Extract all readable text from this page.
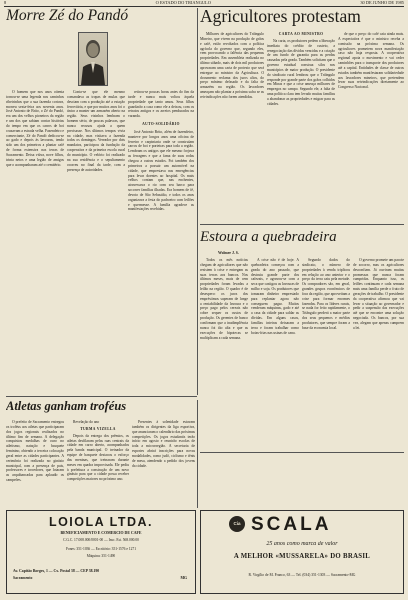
8	O ESTADO DO TRIANGULO	30 DE JUNHO DE 1985
Morre Zé do Pandó

O homem que nos anos oitenta tornou-se uma legenda nos caminhos ribeirinhos que a sua fazenda cortava, morreu sexta-feira aos noventa anos. José Antonio de Brito, o Zé do Pandó, era um dos velhos pioneiros da região e um dos que sabiam contar histórias do tempo em que os carros de boi cruzavam a estrada velha. Fazendeiro e comerciante, Zé do Pandó dedicou-se ao gado e depois às lavouras, tendo sido um dos primeiros a plantar café de forma extensiva nas terras de Sacramento. Deixa viúva, nove filhos, trinta netos e uma legião de amigos que o acompanharam até o cemitério.

Conta-se que ele mesmo comandava as tropas de mulas que desciam com a produção até a estação ferroviária, e que por muitos anos foi o único a manter um armazém aberto na região. Seus vizinhos lembram o homem sério, de poucas palavras, que nunca recusou ajuda a quem precisasse. Nos últimos tempos vivia na cidade, mas visitava a fazenda todos os domingos. Vereador por dois mandatos, participou da fundação da cooperativa e da primeira escola rural do município. O velório foi realizado na sua residência e o sepultamento ocorreu no final da tarde, com a presença de autoridades.

retirou-se poucas horas antes do fim da tarde e nunca mais voltou àquela propriedade que tanto amou. Seus filhos guardarão a casa como ele a deixou, com os retratos antigos e os arreios pendurados na varanda.

AUTO-SOLIDÁRIO

José Antonio Brito, além de fazendeiro, manteve por longos anos uma oficina de ferreiro e carpintaria onde se construíam carros de boi e porteiras para toda a região. Lembram os antigos que ele mesmo forjava as ferragens e que a fama de suas rodas chegou a outros estados. Foi também dos primeiros a possuir um automóvel na cidade, que emprestava nas emergências para levar doentes ao hospital. Os mais velhos contam que, nas enchentes, atravessava o rio com seu barco para socorrer famílias ilhadas. Era homem de fé, devoto de São Sebastião, e todos os anos organizava a festa do padroeiro com leilões e quermesse. A família agradece as manifestações recebidas.

Agricultores protestam

Milhares de agricultores do Triângulo Mineiro, que vivem na produção de grãos e café, estão revoltados com a política agrícola do governo que, segundo eles, vem provocando a falência das pequenas propriedades. Em assembleia realizada no último sábado, mais de dois mil produtores aprovaram uma carta de protesto que será entregue ao ministro da Agricultura. O documento reclama dos juros altos, do preço mínimo defasado e da falta de armazéns na região. Os lavradores ameaçam não plantar a próxima safra se as reivindicações não forem atendidas.

CARTA AO MINISTRO

Na carta, os produtores pedem a liberação imediata do crédito de custeio, a renegociação das dívidas vencidas e a criação de um fundo de garantia para as perdas causadas pela geada. Também solicitam que o governo estadual construa silos nos municípios de maior produção. O presidente do sindicato rural lembrou que o Triângulo responde por grande parte dos grãos colhidos em Minas e que a crise ameaça milhares de empregos no campo. Segundo ele, a falta de uma política clara tem levado muitas famílias a abandonar as propriedades e migrar para as cidades.

de que o preço do café caia ainda mais. A expectativa é que o ministro receba a comissão na próxima semana. Os agricultores prometem nova manifestação caso não haja resposta. A cooperativa regional apoia o movimento e vai ceder caminhões para o transporte dos produtores até a capital. Entidades de classe de outros estados também manifestaram solidariedade aos lavradores mineiros, que pretendem levar suas reivindicações diretamente ao Congresso Nacional.

Estoura a quebradeira
Wolmer J. S.

Todos os mês notícias chegam de agricultores que não resistem à crise e entregam as suas terras aos bancos. Nos últimos meses, mais de cem propriedades foram levadas a leilão na região. O quadro é de desespero: os juros dos empréstimos superam de longe a rentabilidade da lavoura e o preço pago pelos cereais não cobre sequer os custos de produção. Os gerentes de banco confirmam que a inadimplência nunca foi tão alta e que as execuções de hipotecas se multiplicam a cada semana.

A crise não é de hoje. A quebradeira começou com a geada do ano passado, que destruiu grande parte dos cafezais, e agravou-se com a seca que castigou as lavouras de milho e soja. Os produtores que tomaram dinheiro emprestado para replantar agora não conseguem pagar. Muitos venderam máquinas, gado e até a casa da cidade para saldar as dívidas. Em alguns casos, famílias inteiras deixaram a terra e foram trabalhar como boias-frias nas usinas de cana.

Segundo dados do sindicato, o número de propriedades à venda triplicou em relação ao ano anterior e o preço da terra caiu pela metade. Os compradores são, em geral, grandes grupos econômicos de fora da região, que aproveitam a crise para formar enormes fazendas. Para os líderes rurais, se nada for feito rapidamente, o Triângulo perderá a maior parte dos seus pequenos e médios produtores, que sempre foram a base da economia local.

O governo promete um pacote de socorro, mas os agricultores desconfiam. Já ouviram muitas promessas que nunca foram cumpridas. Enquanto isso, os leilões continuam e cada semana mais uma família perde o fruto de gerações de trabalho. O presidente da cooperativa afirmou que vai levar a situação ao governador e pedir a suspensão das execuções até que se encontre uma solução negociada. Os bancos, por sua vez, alegam que apenas cumprem a lei.

Atletas ganham troféus

O prefeito de Sacramento entregou os troféus aos atletas que participaram dos jogos regionais realizados no último fim de semana. A delegação conquistou medalhas de ouro no atletismo, natação e basquete feminino, obtendo a terceira colocação geral entre as cidades participantes. A cerimônia foi realizada no ginásio municipal, com a presença de pais, professores e torcedores, que lotaram as arquibancadas para aplaudir os campeões.

Revelação do ano

TURMA VIZELLA

Depois da entrega dos prêmios, os atletas desfilaram pelas ruas centrais da cidade em carro aberto, acompanhados pela banda municipal. O treinador da equipe de basquete destacou o esforço das meninas, que treinaram durante meses em quadra improvisada. Ele pediu à prefeitura a construção de um novo ginásio para que a cidade possa receber competições maiores no próximo ano.

Presentes à solenidade estavam também os dirigentes da liga esportiva, que anunciaram o calendário das próximas competições. Os jogos estudantis terão início em agosto e reunirão escolas de toda a microrregião. A secretaria de esportes abrirá inscrições para novas modalidades, como judô, ciclismo e tênis de mesa, atendendo a pedido dos jovens da cidade.

LOIOLA LTDA.
BENEFICIAMENTO E COMÉRCIO DE CAFÉ
C.G.C. 17.008.000/0001-00 — Insc. Est. 568.000.00
Fones: 351-1036 — Escritório: 351-1576 e 1271
Máquina: 351-1490
Av. Capitão Borges, 1 — Cx. Postal 38 — CEP 38.190
Sacramento	MG
Cia SCALA
25 anos como marca de valor
A MELHOR «MUSSARELA» DO BRASIL
R. Virgílio de M. Franco, 63 — Tel. (034) 351-1303 — Sacramento-MG
